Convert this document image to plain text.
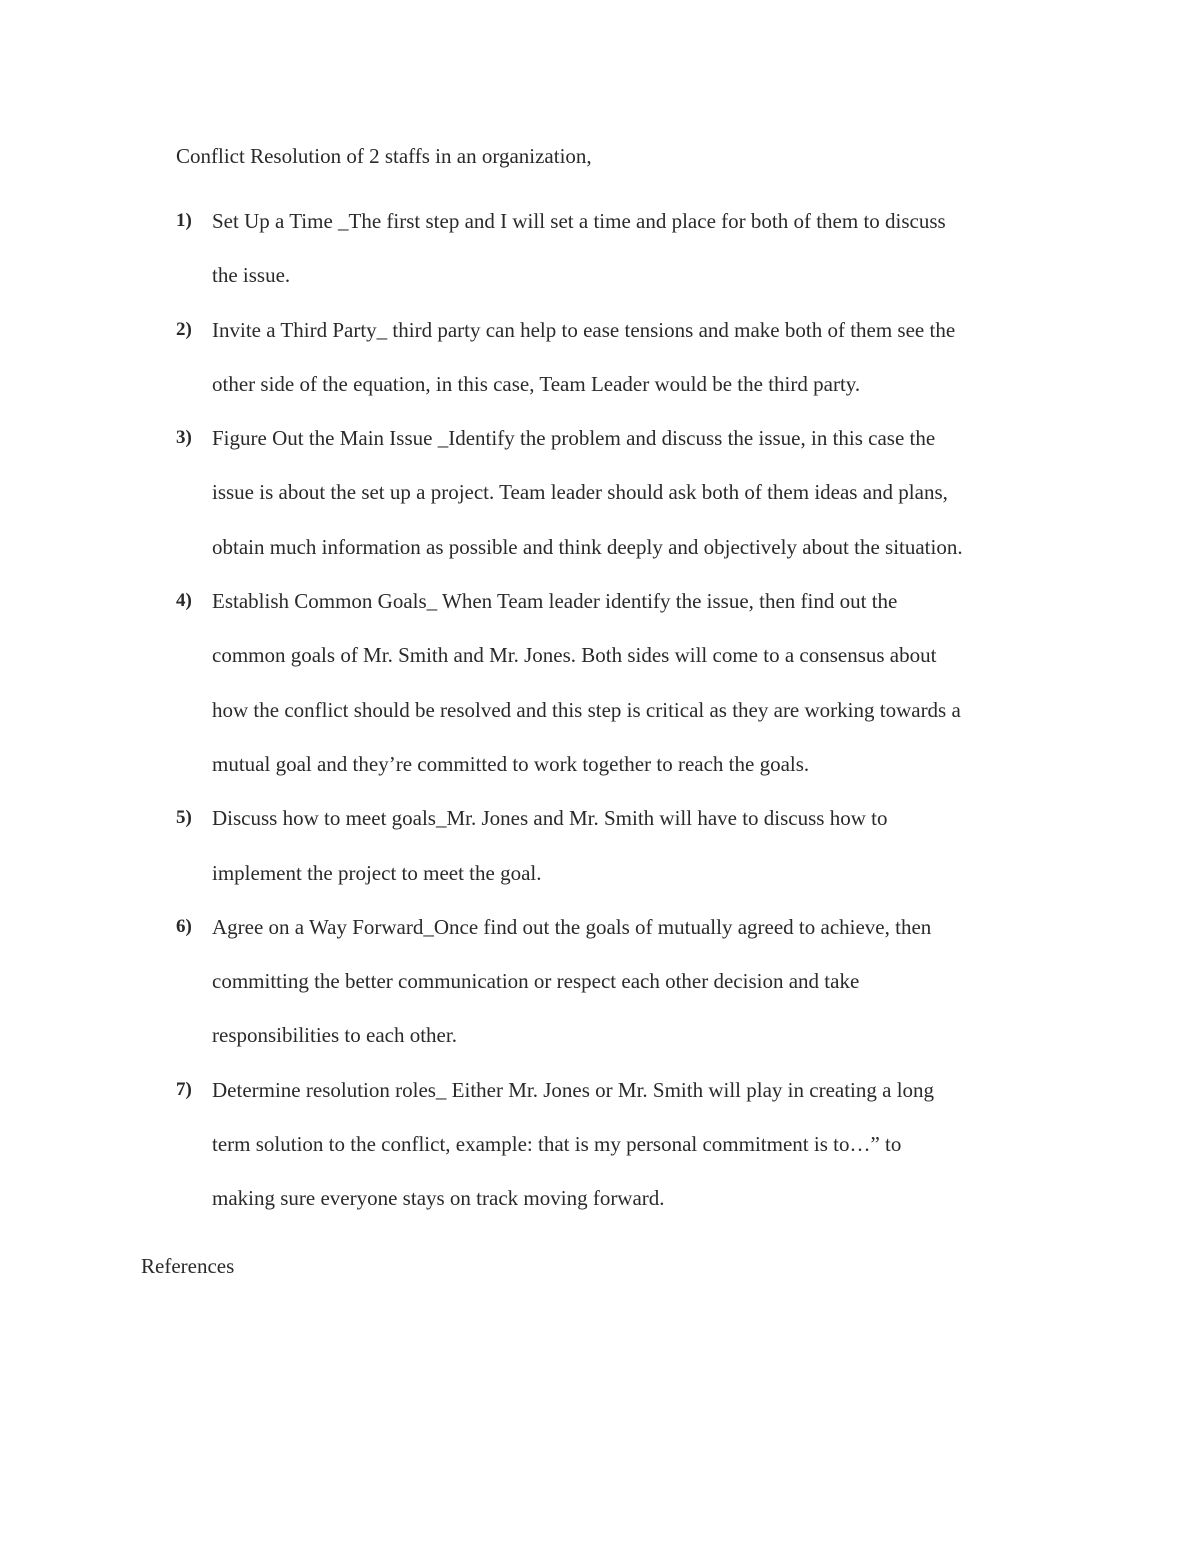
Conflict Resolution of 2 staffs in an organization,
1) Set Up a Time _The first step and I will set a time and place for both of them to discuss
the issue.
2) Invite a Third Party_ third party can help to ease tensions and make both of them see the
other side of the equation, in this case, Team Leader would be the third party.
3) Figure Out the Main Issue _Identify the problem and discuss the issue, in this case the
issue is about the set up a project. Team leader should ask both of them ideas and plans,
obtain much information as possible and think deeply and objectively about the situation.
4) Establish Common Goals_ When Team leader identify the issue, then find out the
common goals of Mr. Smith and Mr. Jones. Both sides will come to a consensus about
how the conflict should be resolved and this step is critical as they are working towards a
mutual goal and they’re committed to work together to reach the goals.
5) Discuss how to meet goals_Mr. Jones and Mr. Smith will have to discuss how to
implement the project to meet the goal.
6) Agree on a Way Forward_Once find out the goals of mutually agreed to achieve, then
committing the better communication or respect each other decision and take
responsibilities to each other.
7) Determine resolution roles_ Either Mr. Jones or Mr. Smith will play in creating a long
term solution to the conflict, example: that is my personal commitment is to…” to
making sure everyone stays on track moving forward.
References
